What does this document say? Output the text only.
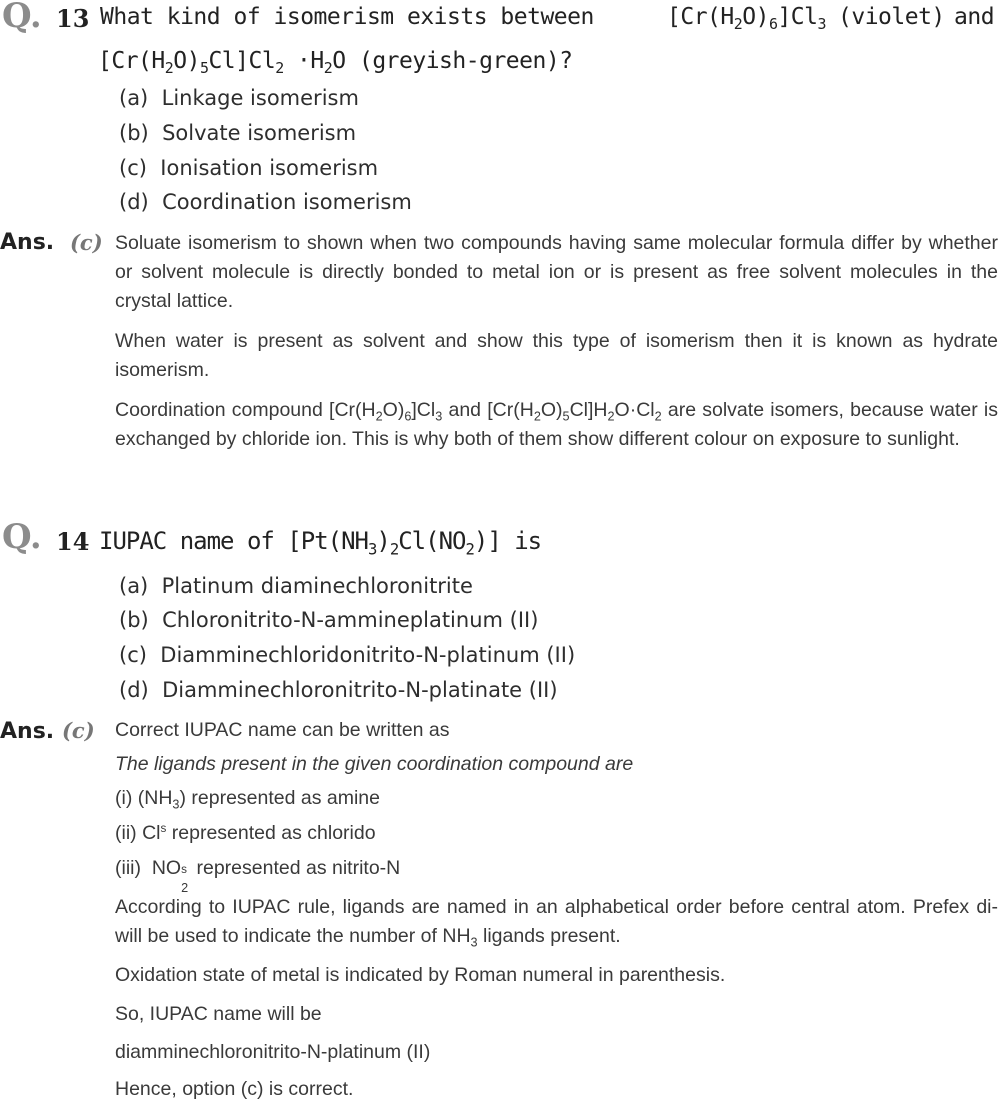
Q. 13 What kind of isomerism exists between	$[Cr(H_2O)_6]Cl_3$ (violet) and
$[Cr(H_2O)_5Cl]Cl_2 \cdot H_2O$ (greyish-green)?
(a) Linkage isomerism
(b) Solvate isomerism
(c) Ionisation isomerism
(d) Coordination isomerism
Ans. (c) Soluate isomerism to shown when two compounds having same molecular formula differ by whether or solvent molecule is directly bonded to metal ion or is present as free solvent molecules in the crystal lattice.
When water is present as solvent and show this type of isomerism then it is known as hydrate isomerism.
Coordination compound $[Cr(H_2O)_6]Cl_3$ and $[Cr(H_2O)_5Cl]H_2O\cdot Cl_2$ are solvate isomers, because water is exchanged by chloride ion. This is why both of them show different colour on exposure to sunlight.
Q. 14 IUPAC name of $[Pt(NH_3)_2Cl(NO_2)]$ is
(a) Platinum diaminechloronitrite
(b) Chloronitrito-N-ammineplatinum (II)
(c) Diamminechloridonitrito-N-platinum (II)
(d) Diamminechloronitrito-N-platinate (II)
Ans. (c) Correct IUPAC name can be written as
The ligands present in the given coordination compound are
(i) $(NH_3)$ represented as amine
(ii) Cl$^s$ represented as chlorido
(iii) NO s
2
represented as nitrito-N
According to IUPAC rule, ligands are named in an alphabetical order before central atom. Prefex di-will be used to indicate the number of $NH_3$ ligands present.
Oxidation state of metal is indicated by Roman numeral in parenthesis.
So, IUPAC name will be
diamminechloronitrito-N-platinum (II)
Hence, option (c) is correct.
